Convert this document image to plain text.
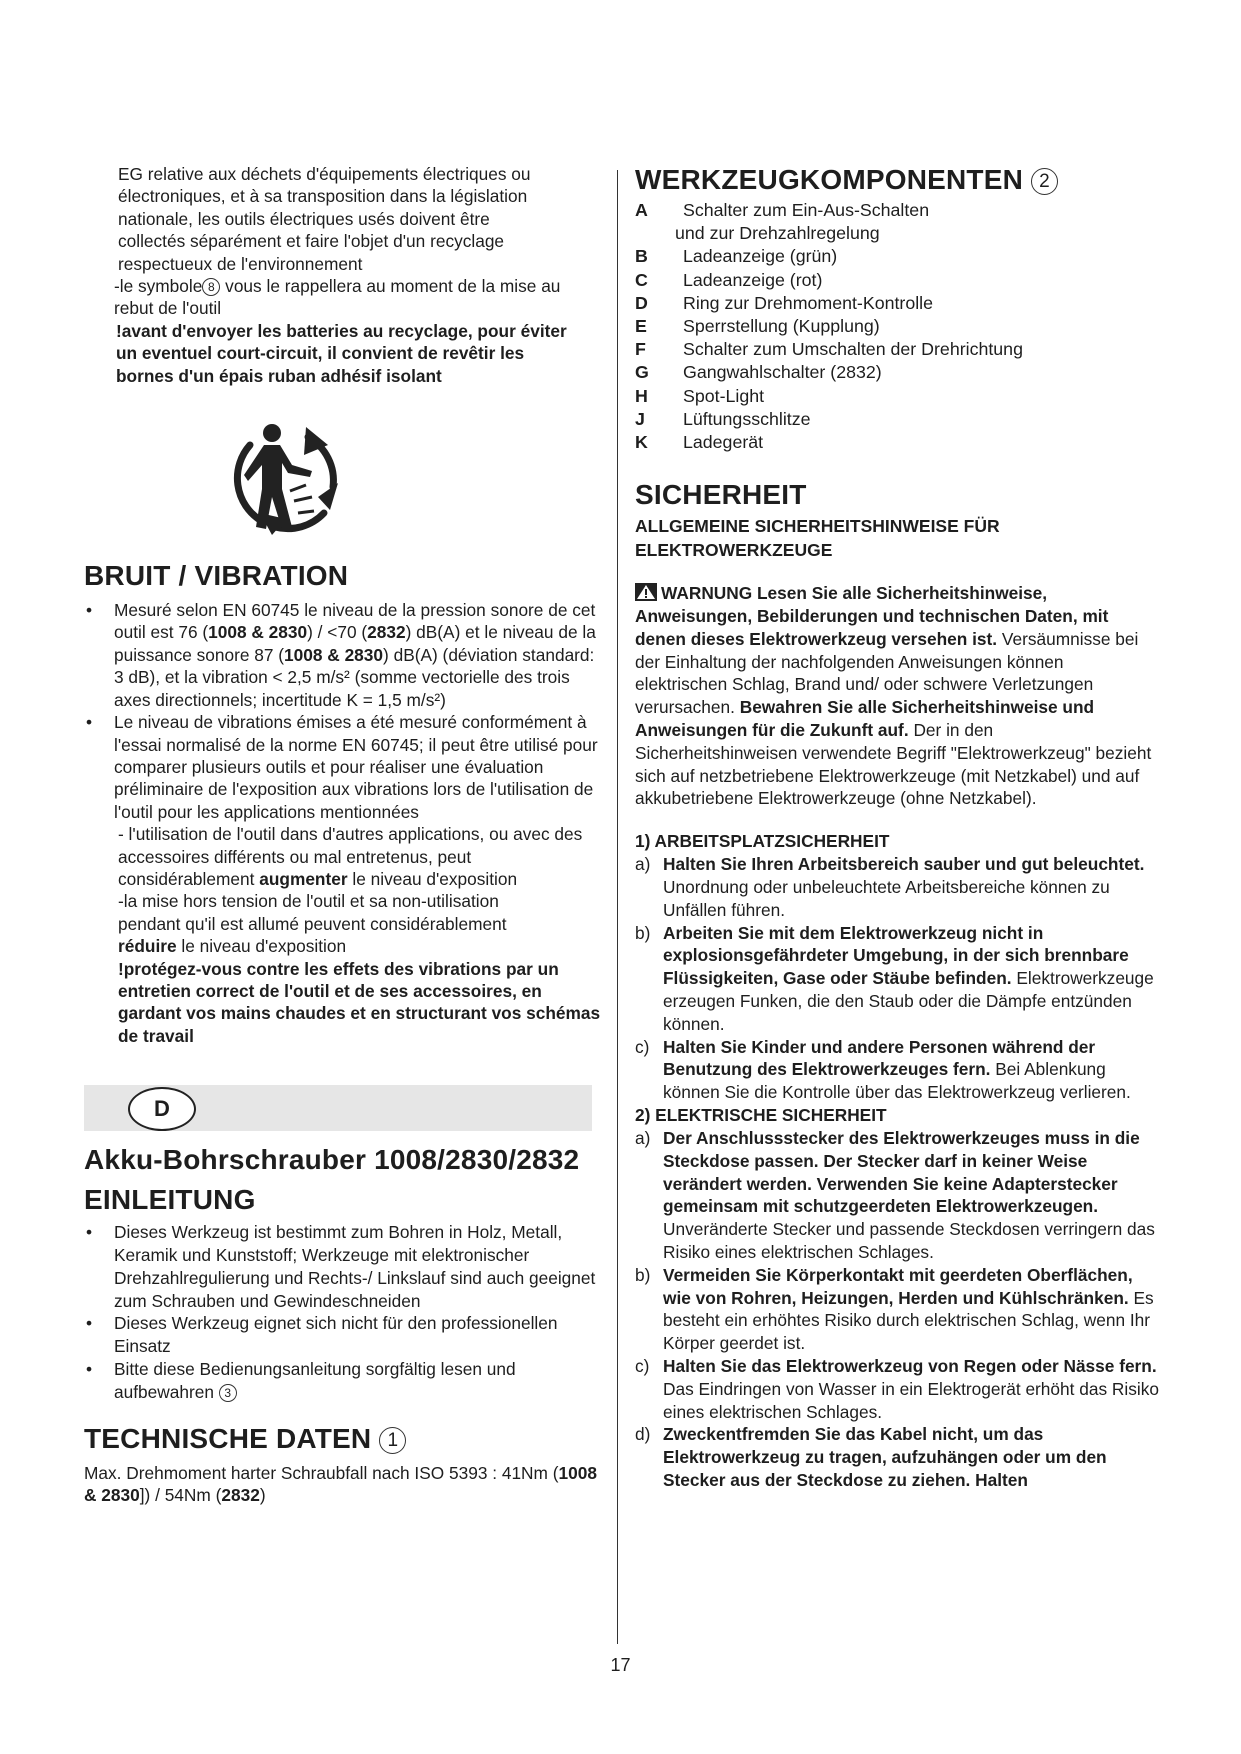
EG relative aux déchets d'équipements électriques ou électroniques, et à sa transposition dans la législation nationale, les outils électriques usés doivent être collectés séparément et faire l'objet d'un recyclage respectueux de l'environnement
-le symbole 8 vous le rappellera au moment de la mise au rebut de l'outil
!avant d'envoyer les batteries au recyclage, pour éviter un eventuel court-circuit, il convient de revêtir les bornes d'un épais ruban adhésif isolant
BRUIT / VIBRATION
• Mesuré selon EN 60745 le niveau de la pression sonore de cet outil est 76 (1008 & 2830) / <70 (2832) dB(A) et le niveau de la puissance sonore 87 (1008 & 2830) dB(A) (déviation standard: 3 dB), et la vibration < 2,5 m/s² (somme vectorielle des trois axes directionnels; incertitude K = 1,5 m/s²)
• Le niveau de vibrations émises a été mesuré conformément à l'essai normalisé de la norme EN 60745; il peut être utilisé pour comparer plusieurs outils et pour réaliser une évaluation préliminaire de l'exposition aux vibrations lors de l'utilisation de l'outil pour les applications mentionnées
- l'utilisation de l'outil dans d'autres applications, ou avec des accessoires différents ou mal entretenus, peut considérablement augmenter le niveau d'exposition
-la mise hors tension de l'outil et sa non-utilisation pendant qu'il est allumé peuvent considérablement réduire le niveau d'exposition
!protégez-vous contre les effets des vibrations par un entretien correct de l'outil et de ses accessoires, en gardant vos mains chaudes et en structurant vos schémas de travail
D
Akku-Bohrschrauber 1008/2830/2832
EINLEITUNG
• Dieses Werkzeug ist bestimmt zum Bohren in Holz, Metall, Keramik und Kunststoff; Werkzeuge mit elektronischer Drehzahlregulierung und Rechts-/ Linkslauf sind auch geeignet zum Schrauben und Gewindeschneiden
• Dieses Werkzeug eignet sich nicht für den professionellen Einsatz
• Bitte diese Bedienungsanleitung sorgfältig lesen und aufbewahren 3
TECHNISCHE DATEN 1
Max. Drehmoment harter Schraubfall nach ISO 5393 : 41Nm (1008 & 2830]) / 54Nm (2832)
WERKZEUGKOMPONENTEN 2
A	Schalter zum Ein-Aus-Schalten
und zur Drehzahlregelung
B	Ladeanzeige (grün)
C	Ladeanzeige (rot)
D	Ring zur Drehmoment-Kontrolle
E	Sperrstellung (Kupplung)
F	Schalter zum Umschalten der Drehrichtung
G	Gangwahlschalter (2832)
H	Spot-Light
J	Lüftungsschlitze
K	Ladegerät
SICHERHEIT
ALLGEMEINE SICHERHEITSHINWEISE FÜR ELEKTROWERKZEUGE
WARNUNG Lesen Sie alle Sicherheitshinweise, Anweisungen, Bebilderungen und technischen Daten, mit denen dieses Elektrowerkzeug versehen ist. Versäumnisse bei der Einhaltung der nachfolgenden Anweisungen können elektrischen Schlag, Brand und/ oder schwere Verletzungen verursachen. Bewahren Sie alle Sicherheitshinweise und Anweisungen für die Zukunft auf. Der in den Sicherheitshinweisen verwendete Begriff "Elektrowerkzeug" bezieht sich auf netzbetriebene Elektrowerkzeuge (mit Netzkabel) und auf akkubetriebene Elektrowerkzeuge (ohne Netzkabel).
1) ARBEITSPLATZSICHERHEIT
a) Halten Sie Ihren Arbeitsbereich sauber und gut beleuchtet. Unordnung oder unbeleuchtete Arbeitsbereiche können zu Unfällen führen.
b) Arbeiten Sie mit dem Elektrowerkzeug nicht in explosionsgefährdeter Umgebung, in der sich brennbare Flüssigkeiten, Gase oder Stäube befinden. Elektrowerkzeuge erzeugen Funken, die den Staub oder die Dämpfe entzünden können.
c) Halten Sie Kinder und andere Personen während der Benutzung des Elektrowerkzeuges fern. Bei Ablenkung können Sie die Kontrolle über das Elektrowerkzeug verlieren.
2) ELEKTRISCHE SICHERHEIT
a) Der Anschlussstecker des Elektrowerkzeuges muss in die Steckdose passen. Der Stecker darf in keiner Weise verändert werden. Verwenden Sie keine Adapterstecker gemeinsam mit schutzgeerdeten Elektrowerkzeugen. Unveränderte Stecker und passende Steckdosen verringern das Risiko eines elektrischen Schlages.
b) Vermeiden Sie Körperkontakt mit geerdeten Oberflächen, wie von Rohren, Heizungen, Herden und Kühlschränken. Es besteht ein erhöhtes Risiko durch elektrischen Schlag, wenn Ihr Körper geerdet ist.
c) Halten Sie das Elektrowerkzeug von Regen oder Nässe fern. Das Eindringen von Wasser in ein Elektrogerät erhöht das Risiko eines elektrischen Schlages.
d) Zweckentfremden Sie das Kabel nicht, um das Elektrowerkzeug zu tragen, aufzuhängen oder um den Stecker aus der Steckdose zu ziehen. Halten
17
